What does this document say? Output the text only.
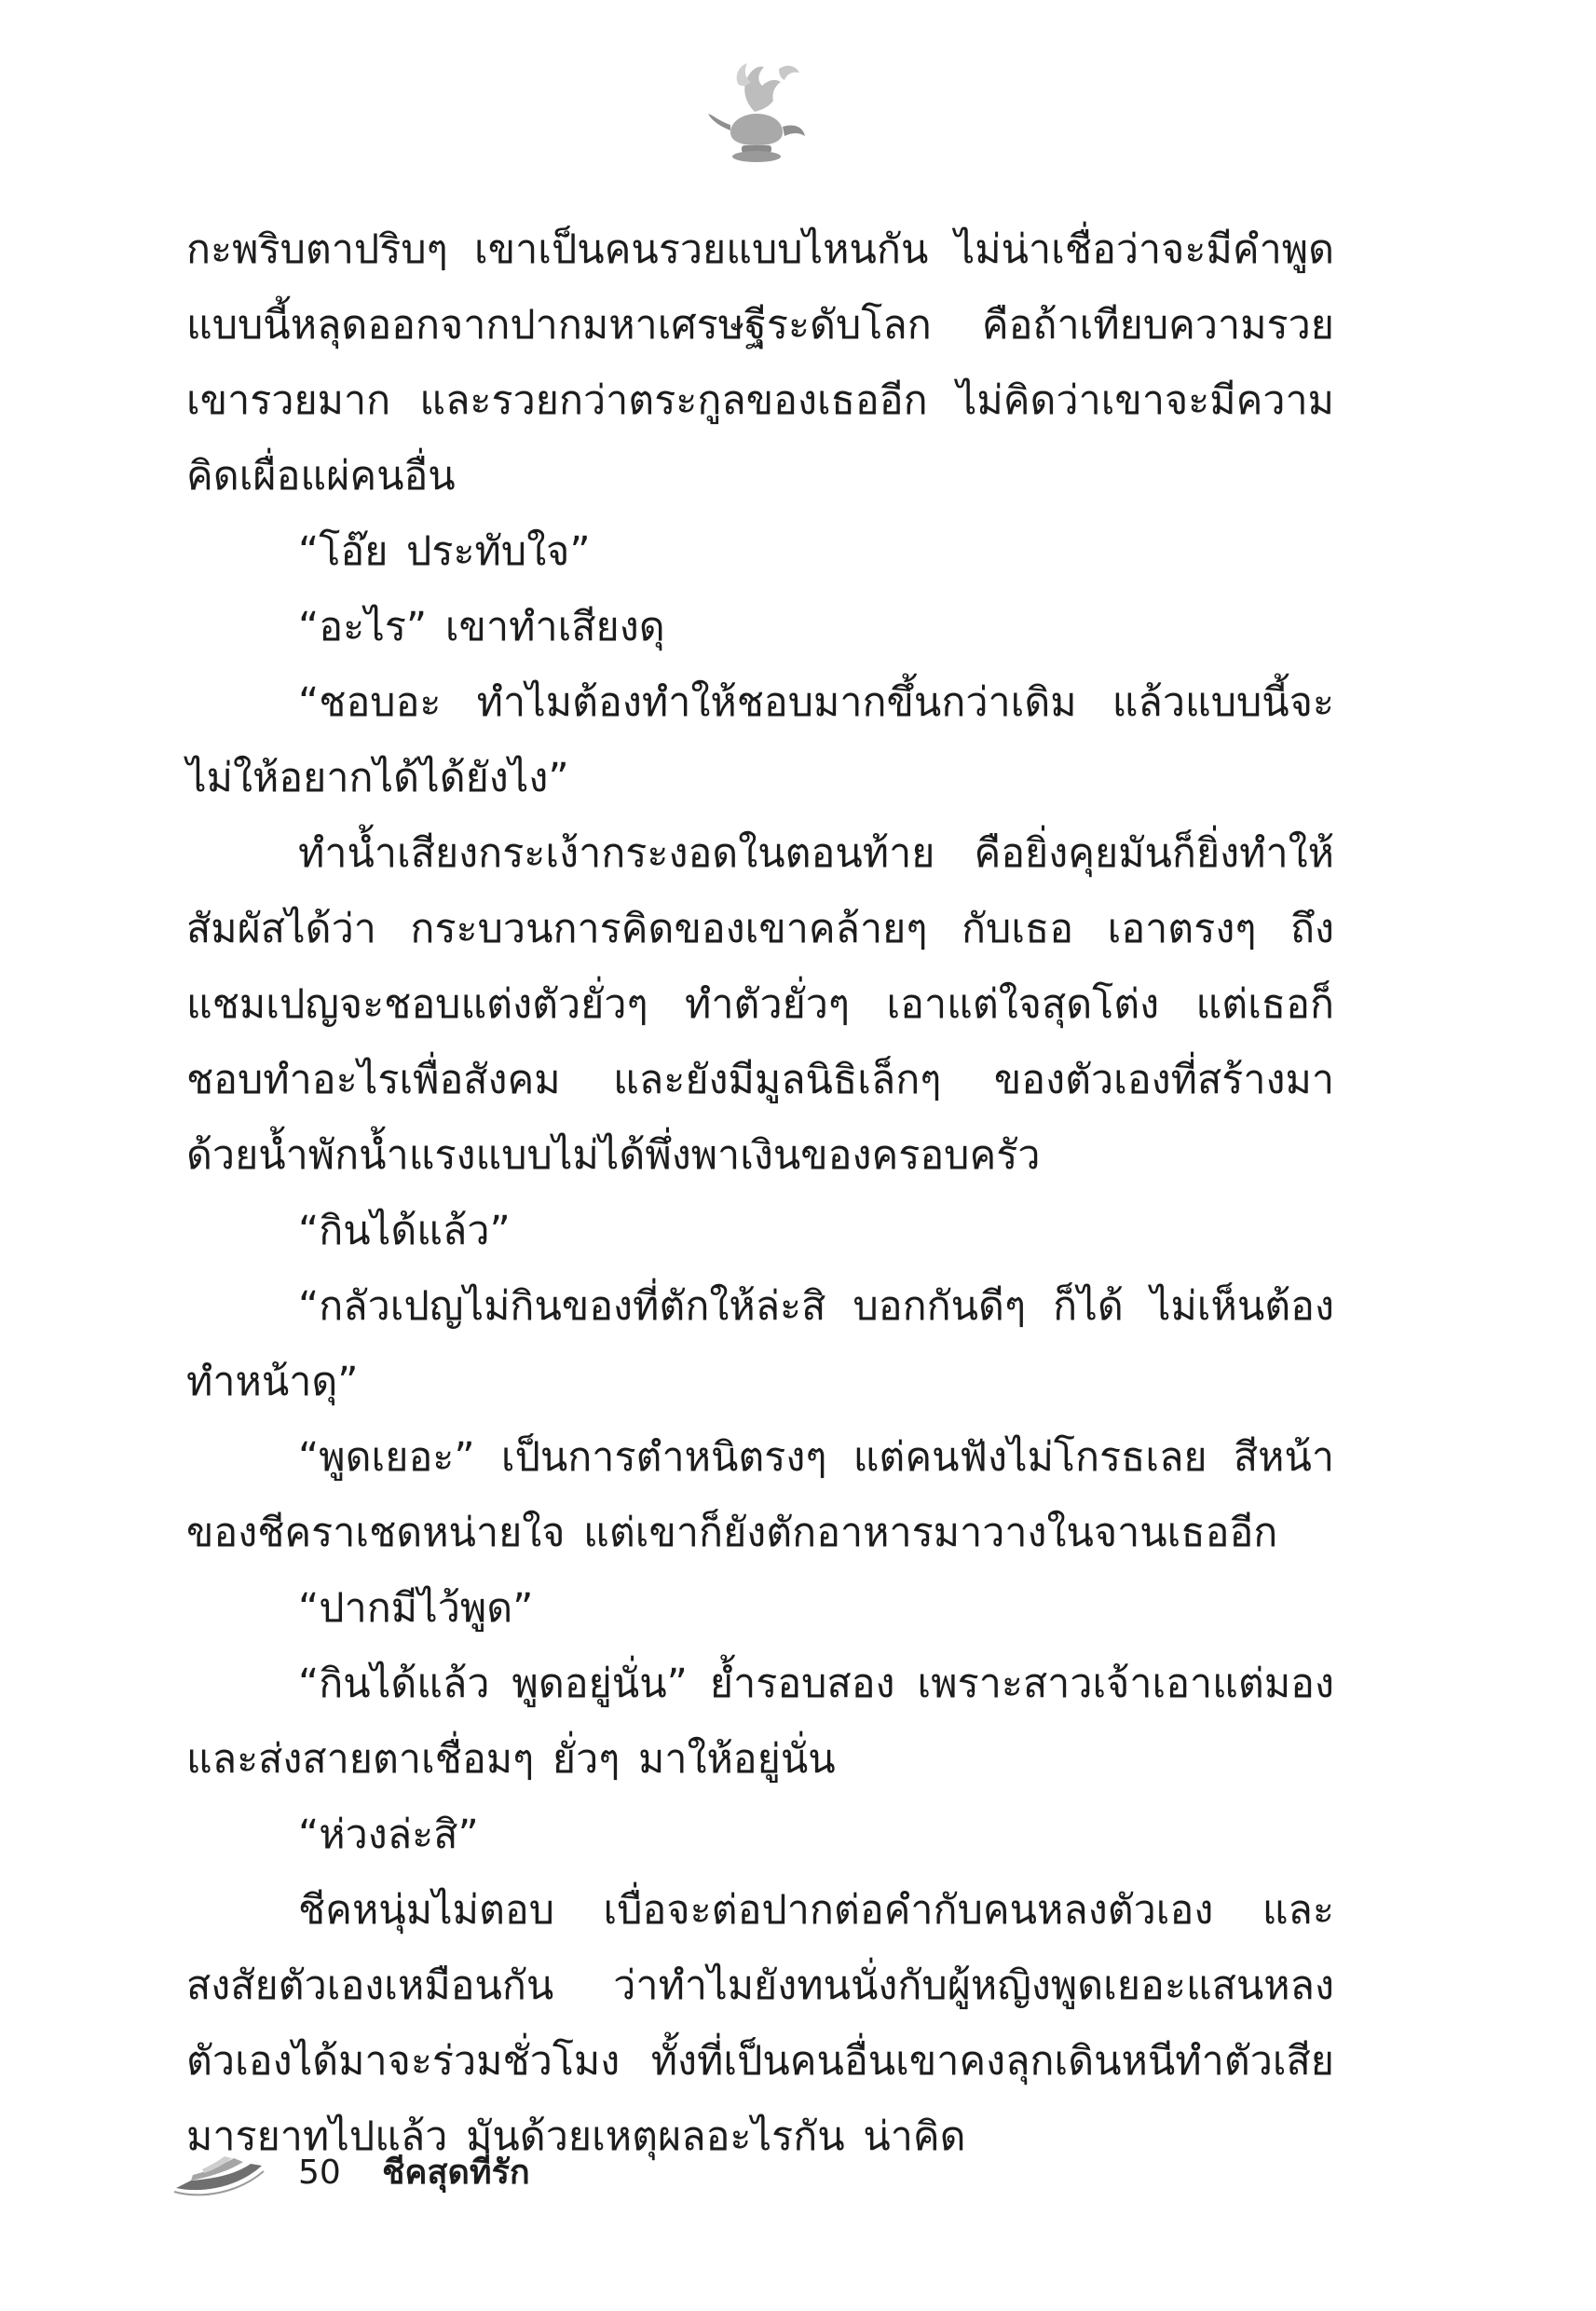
กะพริบตาปริบๆ เขาเป็นคนรวยแบบไหนกัน ไม่น่าเชื่อว่าจะมีคำพูดแบบนี้หลุดออกจากปากมหาเศรษฐีระดับโลก คือถ้าเทียบความรวยเขารวยมาก และรวยกว่าตระกูลของเธออีก ไม่คิดว่าเขาจะมีความคิดเผื่อแผ่คนอื่น

“โอ๊ย ประทับใจ”

“อะไร” เขาทำเสียงดุ

“ชอบอะ ทำไมต้องทำให้ชอบมากขึ้นกว่าเดิม แล้วแบบนี้จะไม่ให้อยากได้ได้ยังไง”

ทำน้ำเสียงกระเง้ากระงอดในตอนท้าย คือยิ่งคุยมันก็ยิ่งทำให้สัมผัสได้ว่า กระบวนการคิดของเขาคล้ายๆ กับเธอ เอาตรงๆ ถึงแชมเปญจะชอบแต่งตัวยั่วๆ ทำตัวยั่วๆ เอาแต่ใจสุดโต่ง แต่เธอก็ชอบทำอะไรเพื่อสังคม และยังมีมูลนิธิเล็กๆ ของตัวเองที่สร้างมาด้วยน้ำพักน้ำแรงแบบไม่ได้พึ่งพาเงินของครอบครัว

“กินได้แล้ว”

“กลัวเปญไม่กินของที่ตักให้ล่ะสิ บอกกันดีๆ ก็ได้ ไม่เห็นต้องทำหน้าดุ”

“พูดเยอะ” เป็นการตำหนิตรงๆ แต่คนฟังไม่โกรธเลย สีหน้าของชีคราเชดหน่ายใจ แต่เขาก็ยังตักอาหารมาวางในจานเธออีก

“ปากมีไว้พูด”

“กินได้แล้ว พูดอยู่นั่น” ย้ำรอบสอง เพราะสาวเจ้าเอาแต่มองและส่งสายตาเชื่อมๆ ยั่วๆ มาให้อยู่นั่น

“ห่วงล่ะสิ”

ชีคหนุ่มไม่ตอบ เบื่อจะต่อปากต่อคำกับคนหลงตัวเอง และสงสัยตัวเองเหมือนกัน ว่าทำไมยังทนนั่งกับผู้หญิงพูดเยอะแสนหลงตัวเองได้มาจะร่วมชั่วโมง ทั้งที่เป็นคนอื่นเขาคงลุกเดินหนีทำตัวเสียมารยาทไปแล้ว มันด้วยเหตุผลอะไรกัน น่าคิด

50 ชีคสุดที่รัก
